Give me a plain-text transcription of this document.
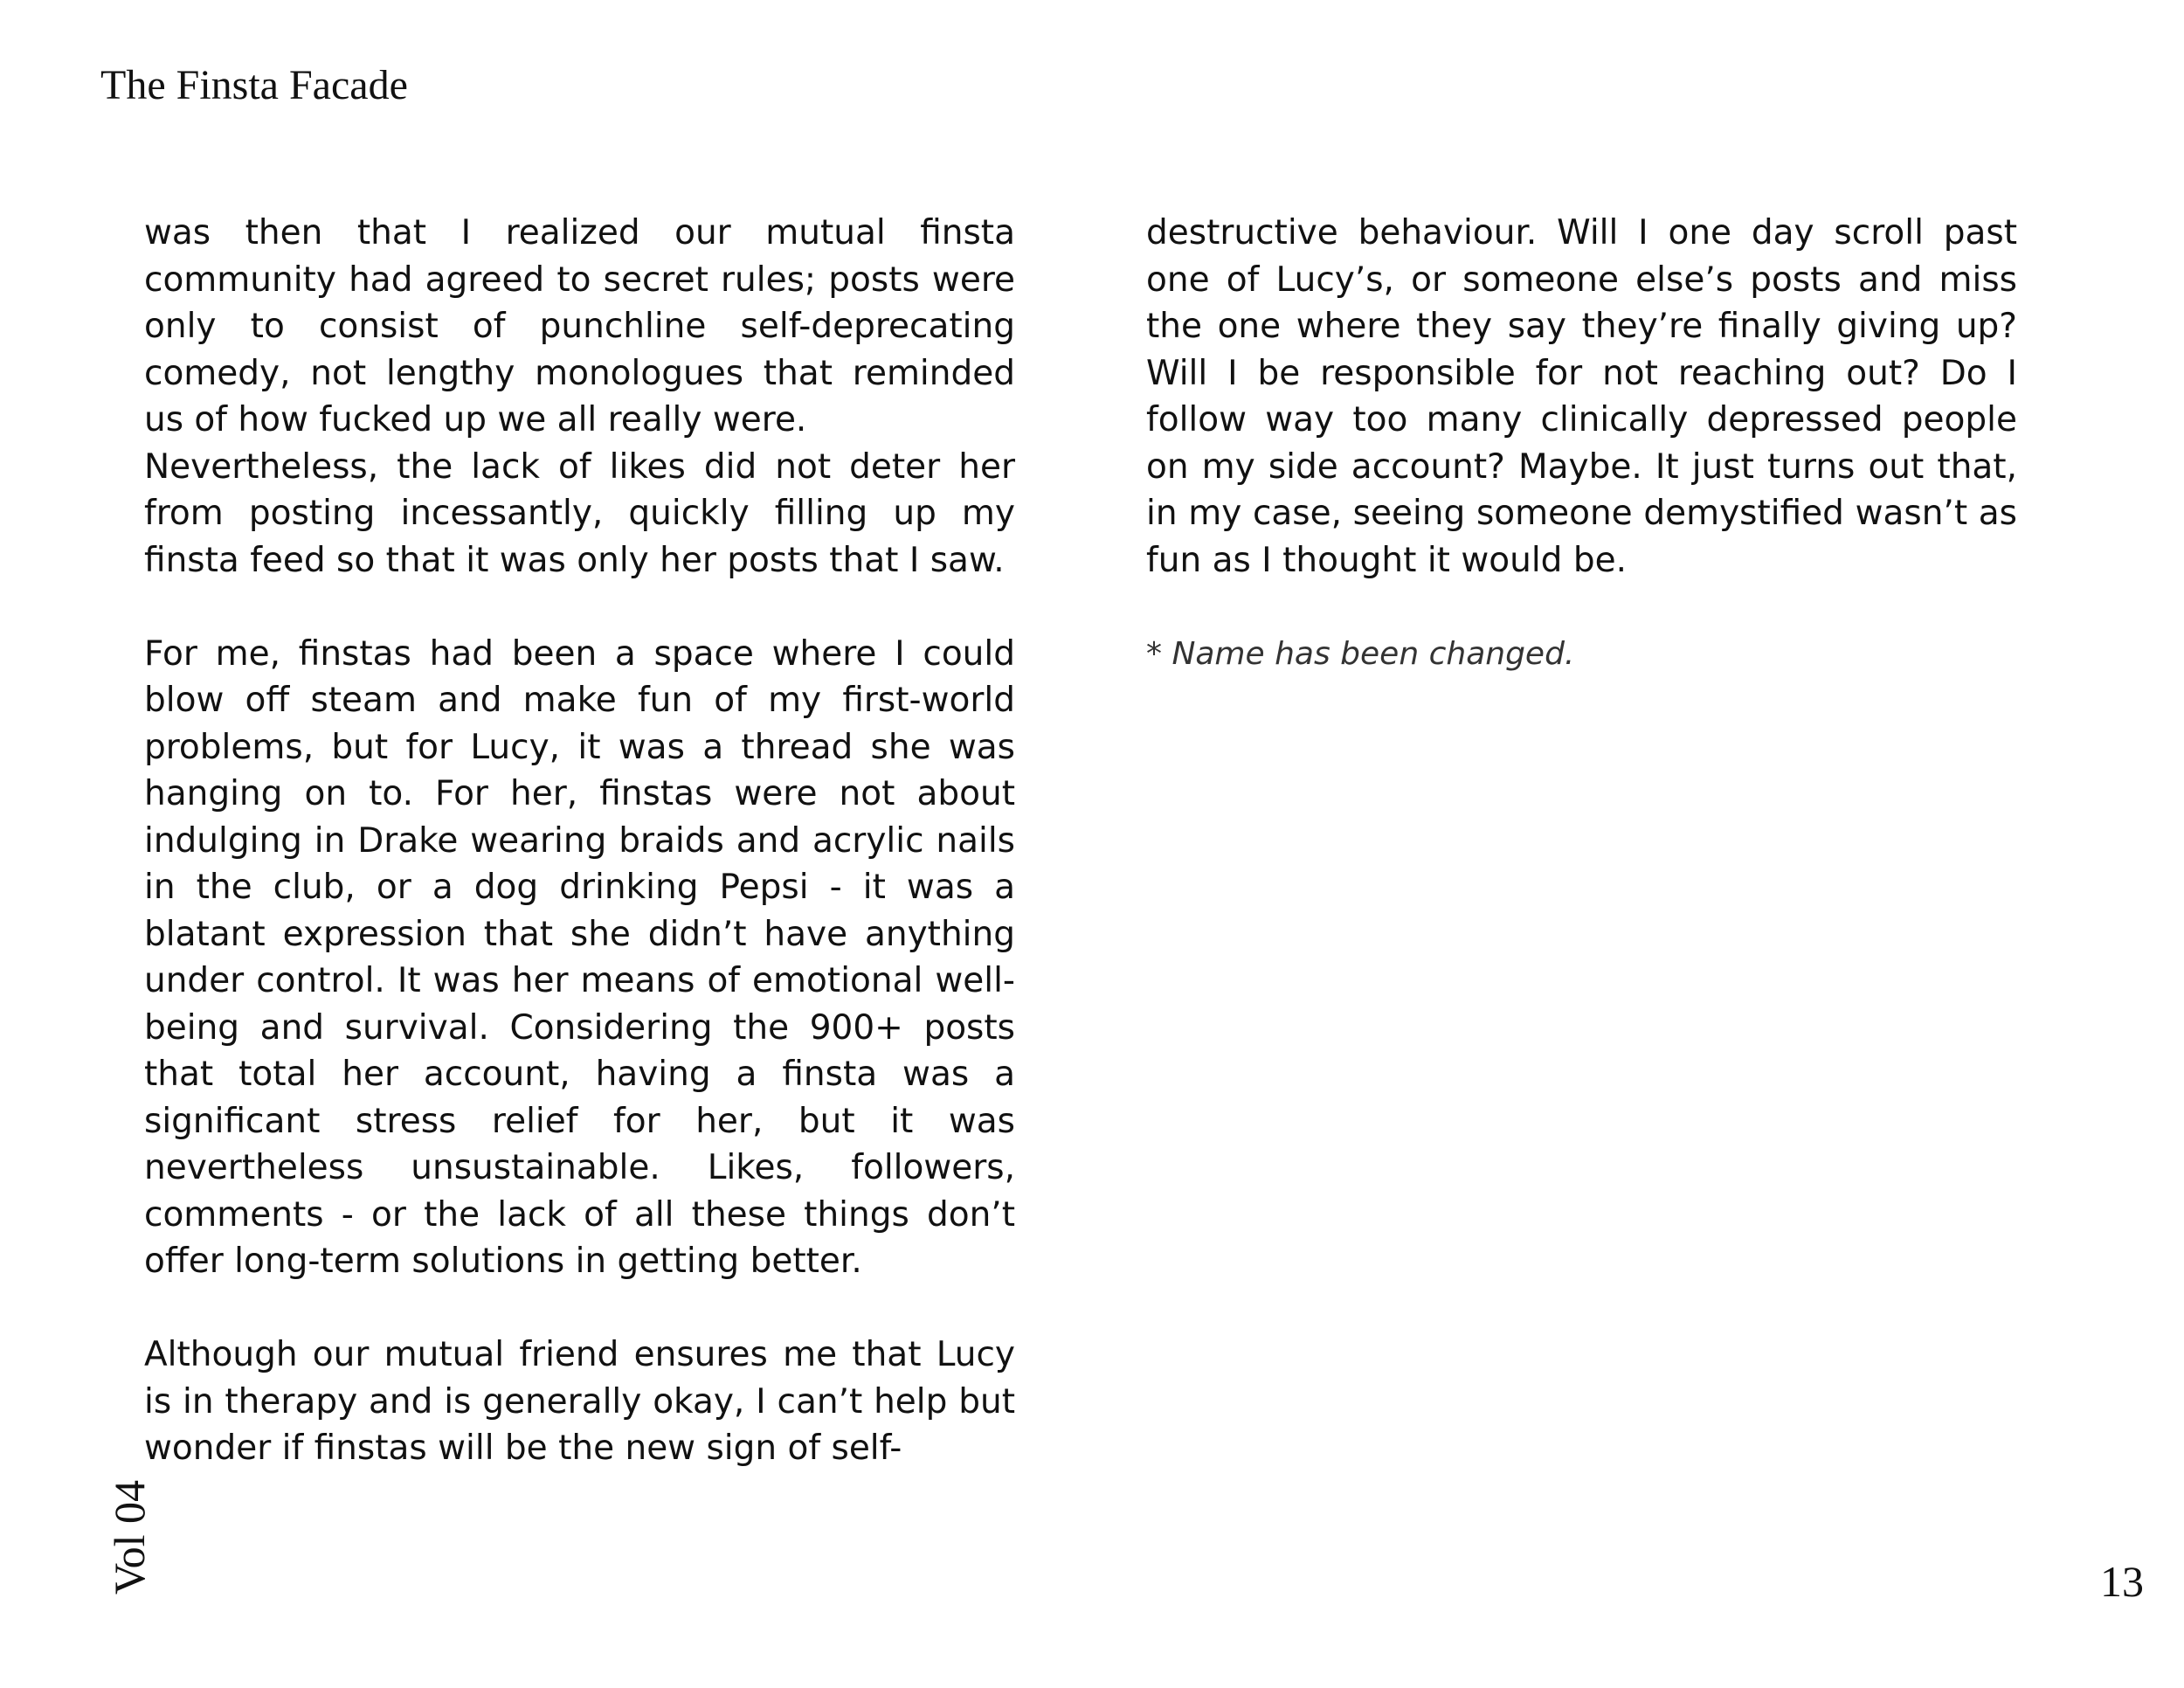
The Finsta Facade

was then that I realized our mutual finsta community had agreed to secret rules; posts were only to consist of punchline self-deprecating comedy, not lengthy monologues that reminded us of how fucked up we all really were.

Nevertheless, the lack of likes did not deter her from posting incessantly, quickly filling up my finsta feed so that it was only her posts that I saw.

For me, finstas had been a space where I could blow off steam and make fun of my first-world problems, but for Lucy, it was a thread she was hanging on to. For her, finstas were not about indulging in Drake wearing braids and acrylic nails in the club, or a dog drinking Pepsi - it was a blatant expression that she didn’t have anything under control. It was her means of emotional well-being and survival. Considering the 900+ posts that total her account, having a finsta was a significant stress relief for her, but it was nevertheless unsustainable. Likes, followers, comments - or the lack of all these things don’t offer long-term solutions in getting better.

Although our mutual friend ensures me that Lucy is in therapy and is generally okay, I can’t help but wonder if finstas will be the new sign of self-

destructive behaviour. Will I one day scroll past one of Lucy’s, or someone else’s posts and miss the one where they say they’re finally giving up? Will I be responsible for not reaching out? Do I follow way too many clinically depressed people on my side account? Maybe. It just turns out that, in my case, seeing someone demystified wasn’t as fun as I thought it would be.

* Name has been changed.

Vol 04	13
